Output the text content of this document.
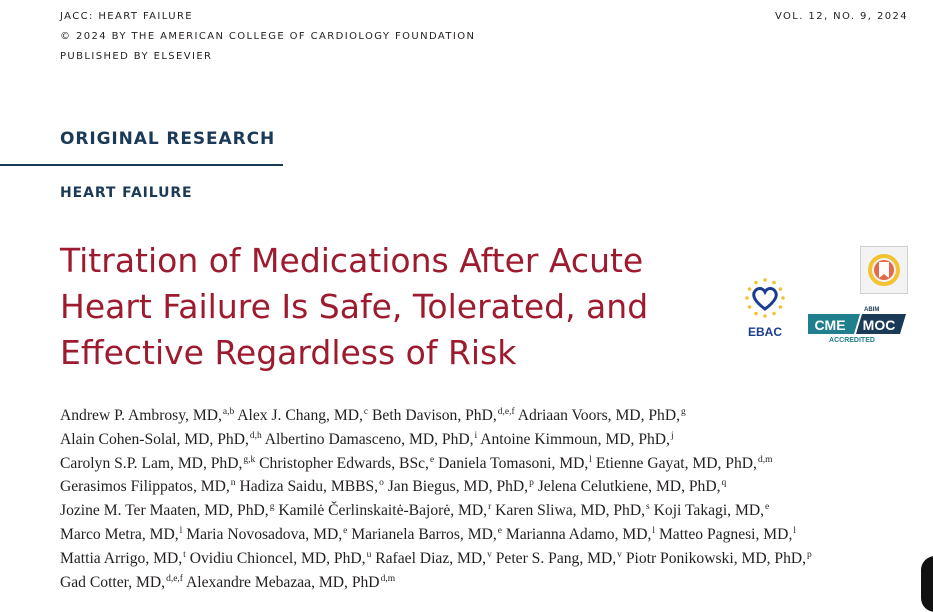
JACC: HEART FAILURE
© 2024 BY THE AMERICAN COLLEGE OF CARDIOLOGY FOUNDATION
PUBLISHED BY ELSEVIER
VOL. 12, NO. 9, 2024
ORIGINAL RESEARCH
HEART FAILURE
Titration of Medications After Acute
Heart Failure Is Safe, Tolerated, and
Effective Regardless of Risk
EBAC
ABIM
CME MOC
ACCREDITED
Andrew P. Ambrosy, MD,$^{a,b}$ Alex J. Chang, MD,$^c$ Beth Davison, PhD,$^{d,e,f}$ Adriaan Voors, MD, PhD,$^g$
Alain Cohen-Solal, MD, PhD,$^{d,h}$ Albertino Damasceno, MD, PhD,$^i$ Antoine Kimmoun, MD, PhD,$^j$
Carolyn S.P. Lam, MD, PhD,$^{g,k}$ Christopher Edwards, BSc,$^e$ Daniela Tomasoni, MD,$^l$ Etienne Gayat, MD, PhD,$^{d,m}$
Gerasimos Filippatos, MD,$^n$ Hadiza Saidu, MBBS,$^o$ Jan Biegus, MD, PhD,$^p$ Jelena Celutkiene, MD, PhD,$^q$
Jozine M. Ter Maaten, MD, PhD,$^g$ Kamilė Čerlinskaitė-Bajorė, MD,$^r$ Karen Sliwa, MD, PhD,$^s$ Koji Takagi, MD,$^e$
Marco Metra, MD,$^l$ Maria Novosadova, MD,$^e$ Marianela Barros, MD,$^e$ Marianna Adamo, MD,$^l$ Matteo Pagnesi, MD,$^l$
Mattia Arrigo, MD,$^t$ Ovidiu Chioncel, MD, PhD,$^u$ Rafael Diaz, MD,$^v$ Peter S. Pang, MD,$^v$ Piotr Ponikowski, MD, PhD,$^p$
Gad Cotter, MD,$^{d,e,f}$ Alexandre Mebazaa, MD, PhD$^{d,m}$
